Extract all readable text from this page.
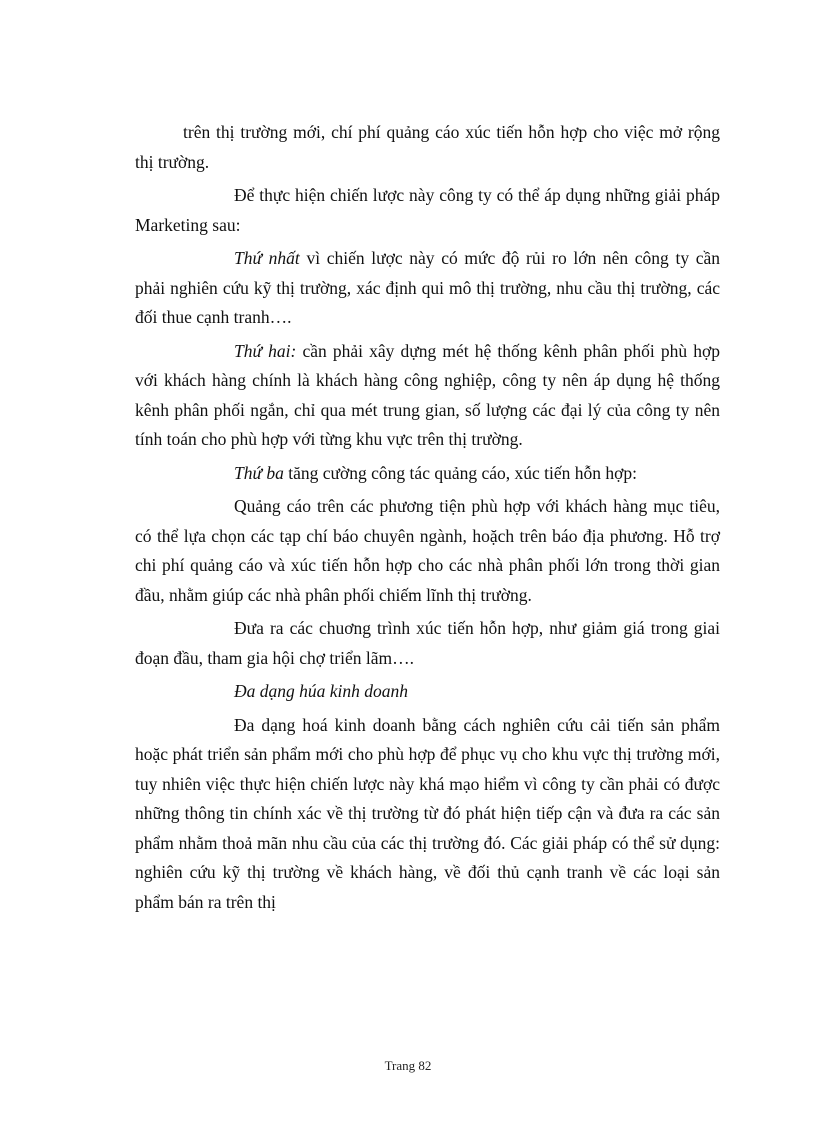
trên thị trường mới, chí phí quảng cáo xúc tiến hỗn hợp cho việc mở rộng thị trường.

Để thực hiện chiến lược này công ty có thể áp dụng những giải pháp Marketing sau:

Thứ nhất vì chiến lược này có mức độ rủi ro lớn nên công ty cần phải nghiên cứu kỹ thị trường, xác định qui mô thị trường, nhu cầu thị trường, các đối thue cạnh tranh….

Thứ hai: cần phải xây dựng mét hệ thống kênh phân phối phù hợp với khách hàng chính là khách hàng công nghiệp, công ty nên áp dụng hệ thống kênh phân phối ngắn, chỉ qua mét trung gian, số lượng các đại lý của công ty nên tính toán cho phù hợp với từng khu vực trên thị trường.

Thứ ba tăng cường công tác quảng cáo, xúc tiến hỗn hợp:

Quảng cáo trên các phương tiện phù hợp với khách hàng mục tiêu, có thể lựa chọn các tạp chí báo chuyên ngành, hoặch trên báo địa phương. Hỗ trợ chi phí quảng cáo và xúc tiến hỗn hợp cho các nhà phân phối lớn trong thời gian đầu, nhằm giúp các nhà phân phối chiếm lĩnh thị trường.

Đưa ra các chuơng trình xúc tiến hỗn hợp, như giảm giá trong giai đoạn đầu, tham gia hội chợ triển lãm….

Đa dạng húa kinh doanh

Đa dạng hoá kinh doanh bằng cách nghiên cứu cải tiến sản phẩm hoặc phát triển sản phẩm mới cho phù hợp để phục vụ cho khu vực thị trường mới, tuy nhiên việc thực hiện chiến lược này khá mạo hiểm vì công ty cần phải có được những thông tin chính xác về thị trường từ đó phát hiện tiếp cận và đưa ra các sản phẩm nhằm thoả mãn nhu cầu của các thị trường đó. Các giải pháp có thể sử dụng: nghiên cứu kỹ thị trường về khách hàng, về đối thủ cạnh tranh về các loại sản phẩm bán ra trên thị

Trang 82
